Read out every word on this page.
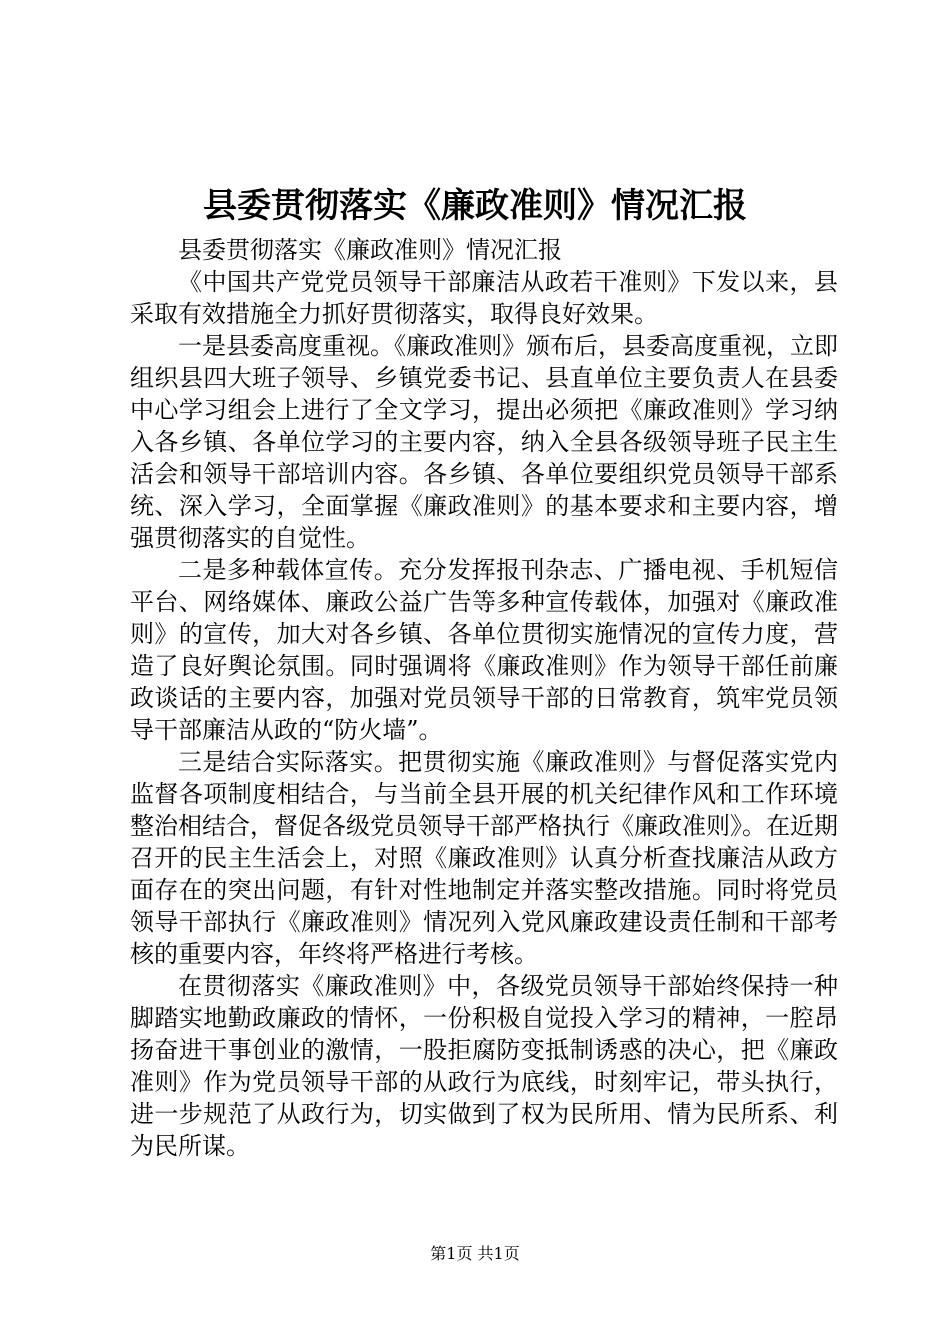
县委贯彻落实《廉政准则》情况汇报

县委贯彻落实《廉政准则》情况汇报

《中国共产党党员领导干部廉洁从政若干准则》下发以来，县采取有效措施全力抓好贯彻落实，取得良好效果。

一是县委高度重视。《廉政准则》颁布后，县委高度重视，立即组织县四大班子领导、乡镇党委书记、县直单位主要负责人在县委中心学习组会上进行了全文学习，提出必须把《廉政准则》学习纳入各乡镇、各单位学习的主要内容，纳入全县各级领导班子民主生活会和领导干部培训内容。各乡镇、各单位要组织党员领导干部系统、深入学习，全面掌握《廉政准则》的基本要求和主要内容，增强贯彻落实的自觉性。

二是多种载体宣传。充分发挥报刊杂志、广播电视、手机短信平台、网络媒体、廉政公益广告等多种宣传载体，加强对《廉政准则》的宣传，加大对各乡镇、各单位贯彻实施情况的宣传力度，营造了良好舆论氛围。同时强调将《廉政准则》作为领导干部任前廉政谈话的主要内容，加强对党员领导干部的日常教育，筑牢党员领导干部廉洁从政的“防火墙”。

三是结合实际落实。把贯彻实施《廉政准则》与督促落实党内监督各项制度相结合，与当前全县开展的机关纪律作风和工作环境整治相结合，督促各级党员领导干部严格执行《廉政准则》。在近期召开的民主生活会上，对照《廉政准则》认真分析查找廉洁从政方面存在的突出问题，有针对性地制定并落实整改措施。同时将党员领导干部执行《廉政准则》情况列入党风廉政建设责任制和干部考核的重要内容，年终将严格进行考核。

在贯彻落实《廉政准则》中，各级党员领导干部始终保持一种脚踏实地勤政廉政的情怀，一份积极自觉投入学习的精神，一腔昂扬奋进干事创业的激情，一股拒腐防变抵制诱惑的决心，把《廉政准则》作为党员领导干部的从政行为底线，时刻牢记，带头执行，进一步规范了从政行为，切实做到了权为民所用、情为民所系、利为民所谋。

第1页 共1页
